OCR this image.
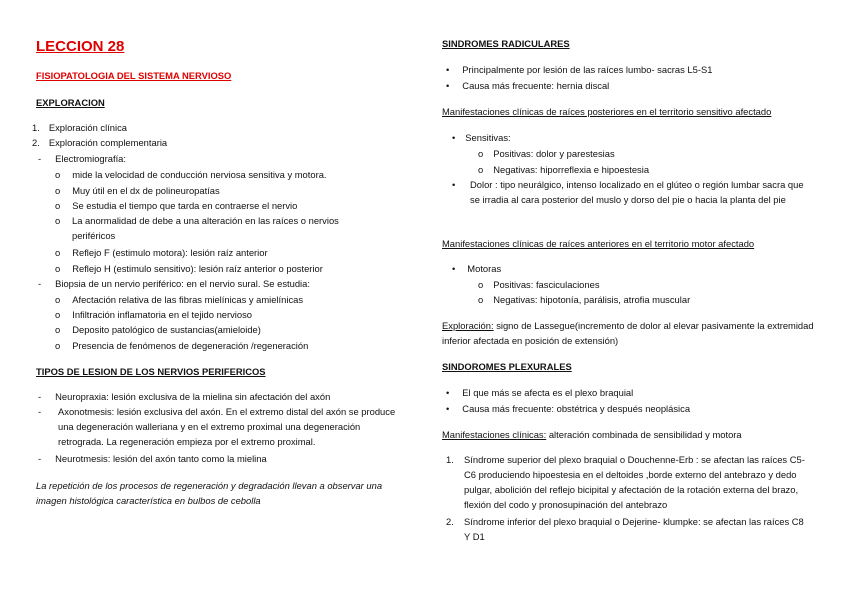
LECCION 28
FISIOPATOLOGIA DEL SISTEMA NERVIOSO
EXPLORACION
1. Exploración clínica
2. Exploración complementaria
- Electromiografía:
o mide la velocidad de conducción nerviosa sensitiva y motora.
o Muy útil en el dx de polineuropatías
o Se estudia el tiempo que tarda en contraerse el nervio
o La anormalidad de debe a una alteración en las raíces o nervios periféricos
o Reflejo F (estimulo motora): lesión raíz anterior
o Reflejo H (estimulo sensitivo): lesión raíz anterior o posterior
- Biopsia de un nervio periférico: en el nervio sural. Se estudia:
o Afectación relativa de las fibras mielínicas y amielínicas
o Infiltración inflamatoria en el tejido nervioso
o Deposito patológico de sustancias(amieloide)
o Presencia de fenómenos de degeneración /regeneración
TIPOS DE LESION DE LOS NERVIOS PERIFERICOS
- Neuropraxia: lesión exclusiva de la mielina sin afectación del axón
- Axonotmesis: lesión exclusiva del axón. En el extremo distal del axón se produce una degeneración walleriana y en el extremo proximal una degeneración retrograda. La regeneración empieza por el extremo proximal.
- Neurotmesis: lesión del axón tanto como la mielina
La repetición de los procesos de regeneración y degradación llevan a observar una imagen histológica característica en bulbos de cebolla
SINDROMES RADICULARES
• Principalmente por lesión de las raíces lumbo- sacras L5-S1
• Causa más frecuente: hernia discal
Manifestaciones clínicas de raíces posteriores en el territorio sensitivo afectado
• Sensitivas:
o Positivas: dolor y parestesias
o Negativas: hiporreflexia e hipoestesia
• Dolor : tipo neurálgico, intenso localizado en el glúteo o región lumbar sacra que se irradia al cara posterior del muslo y dorso del pie o hacia la planta del pie
Manifestaciones clínicas de raíces anteriores en el territorio motor afectado
• Motoras
o Positivas: fasciculaciones
o Negativas: hipotonía, parálisis, atrofia muscular
Exploración: signo de Lassegue(incremento de dolor al elevar pasivamente la extremidad inferior afectada en posición de extensión)
SINDOROMES PLEXURALES
• El que más se afecta es el plexo braquial
• Causa más frecuente: obstétrica y después neoplásica
Manifestaciones clínicas: alteración combinada de sensibilidad y motora
1. Síndrome superior del plexo braquial o Douchenne-Erb : se afectan las raíces C5-C6 produciendo hipoestesia en el deltoides ,borde externo del antebrazo y dedo pulgar, abolición del reflejo bicipital y afectación de la rotación externa del brazo, flexión del codo y pronosupinación del antebrazo
2. Síndrome inferior del plexo braquial o Dejerine- klumpke: se afectan las raíces C8 Y D1
